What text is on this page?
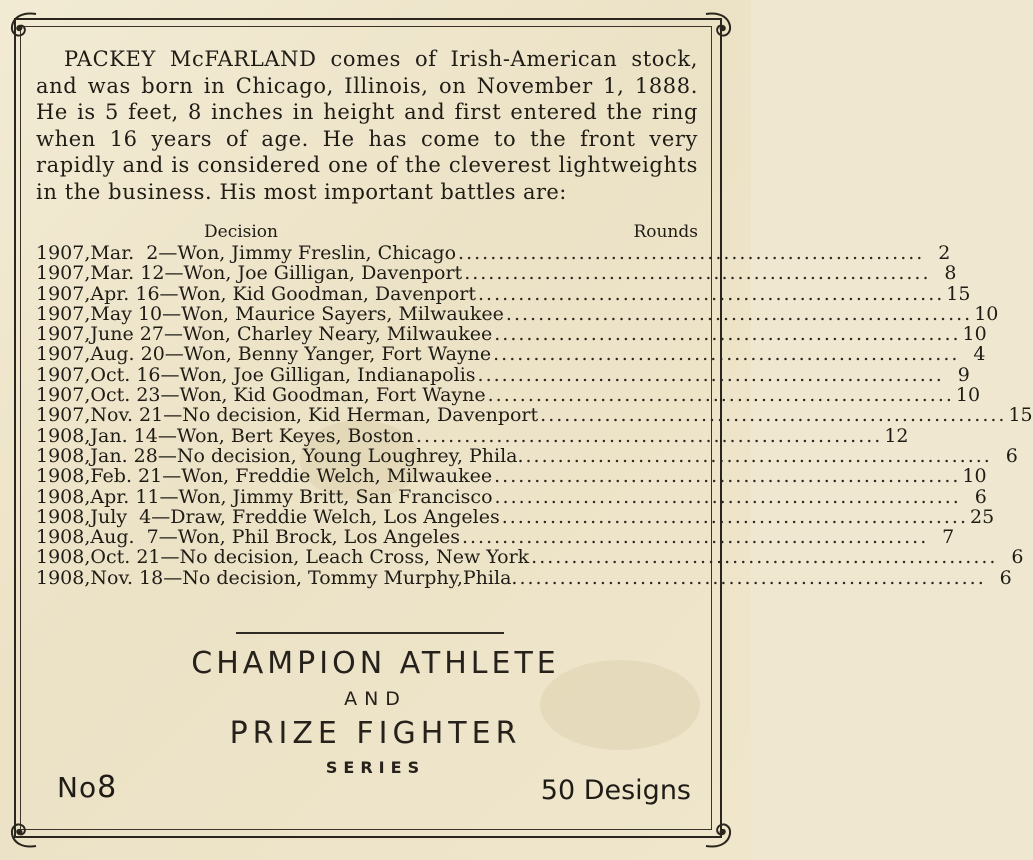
PACKEY McFARLAND comes of Irish-American stock, and was born in Chicago, Illinois, on November 1, 1888. He is 5 feet, 8 inches in height and first entered the ring when 16 years of age. He has come to the front very rapidly and is considered one of the cleverest lightweights in the business. His most important battles are:
Decision	Rounds
1907, Mar.  2 —Won, Jimmy Freslin, Chicago .......................................................... 2
1907, Mar. 12 —Won, Joe Gilligan, Davenport .......................................................... 8
1907, Apr. 16 —Won, Kid Goodman, Davenport .......................................................... 15
1907, May 10 —Won, Maurice Sayers, Milwaukee .......................................................... 10
1907, June 27 —Won, Charley Neary, Milwaukee .......................................................... 10
1907, Aug. 20 —Won, Benny Yanger, Fort Wayne .......................................................... 4
1907, Oct. 16 —Won, Joe Gilligan, Indianapolis .......................................................... 9
1907, Oct. 23 —Won, Kid Goodman, Fort Wayne .......................................................... 10
1907, Nov. 21 —No decision, Kid Herman, Davenport .......................................................... 15
1908, Jan. 14 —Won, Bert Keyes, Boston .......................................................... 12
1908, Jan. 28 —No decision, Young Loughrey, Phila. .......................................................... 6
1908, Feb. 21 —Won, Freddie Welch, Milwaukee .......................................................... 10
1908, Apr. 11 —Won, Jimmy Britt, San Francisco .......................................................... 6
1908, July  4 —Draw, Freddie Welch, Los Angeles .......................................................... 25
1908, Aug.  7 —Won, Phil Brock, Los Angeles .......................................................... 7
1908, Oct. 21 —No decision, Leach Cross, New York .......................................................... 6
1908, Nov. 18 —No decision, Tommy Murphy,Phila. .......................................................... 6
CHAMPION ATHLETE
AND
PRIZE FIGHTER
SERIES
No8	50 Designs
